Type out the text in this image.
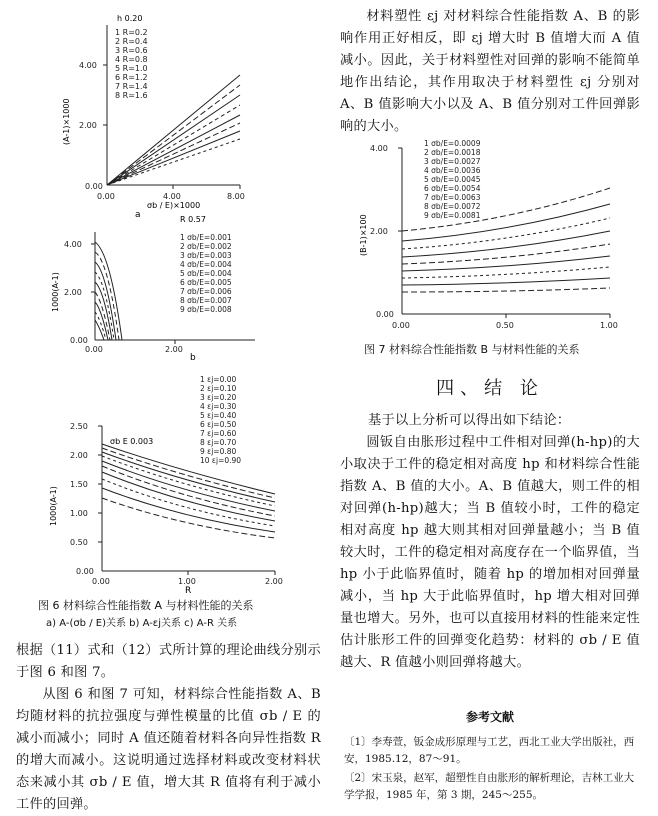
h 0.20
1 R=0.2
2 R=0.4
3 R=0.6
4 R=0.8
5 R=1.0
6 R=1.2
7 R=1.4
8 R=1.6
4.00
2.00
0.00
0.00	4.00	8.00
(A-1)×1000
σb / E)×1000
a	R 0.57
1 σb/E=0.001
2 σb/E=0.002
3 σb/E=0.003
4 σb/E=0.004
5 σb/E=0.004
6 σb/E=0.005
7 σb/E=0.006
8 σb/E=0.007
9 σb/E=0.008
4.00
2.00
0.00
0.00	2.00
1000(A-1)
b
1 εj=0.00
2 εj=0.10
3 εj=0.20
4 εj=0.30
5 εj=0.40
6 εj=0.50
7 εj=0.60
8 εj=0.70
9 εj=0.80
10 εj=0.90
σb E 0.003
2.50
2.00
1.50
1.00
0.50
0.00
0.00	1.00	2.00
1000(A-1)
R
图 6 材料综合性能指数 A 与材料性能的关系
a) A-(σb / E)关系 b) A-εj关系 c) A-R 关系

根据（11）式和（12）式所计算的理论曲线分别示于图 6 和图 7。

从图 6 和图 7 可知，材料综合性能指数 A、B 均随材料的抗拉强度与弹性模量的比值 σb / E 的减小而减小；同时 A 值还随着材料各向异性指数 R 的增大而减小。这说明通过选择材料或改变材料状态来减小其 σb / E 值，增大其 R 值将有利于减小工件的回弹。

材料塑性 εj 对材料综合性能指数 A、B 的影响作用正好相反，即 εj 增大时 B 值增大而 A 值减小。因此，关于材料塑性对回弹的影响不能简单地作出结论，其作用取决于材料塑性 εj 分别对 A、B 值影响大小以及 A、B 值分别对工件回弹影响的大小。

1 σb/E=0.0009
2 σb/E=0.0018
3 σb/E=0.0027
4 σb/E=0.0036
5 σb/E=0.0045
6 σb/E=0.0054
7 σb/E=0.0063
8 σb/E=0.0072
9 σb/E=0.0081
4.00
2.00
0.00
0.00	0.50	1.00
(B-1)×100
图 7 材料综合性能指数 B 与材料性能的关系
四、结 论

基于以上分析可以得出如下结论：

圆钣自由胀形过程中工件相对回弹(h-hp)的大小取决于工件的稳定相对高度 hp 和材料综合性能指数 A、B 值的大小。A、B 值越大，则工件的相对回弹(h-hp)越大；当 B 值较小时，工件的稳定相对高度 hp 越大则其相对回弹量越小；当 B 值较大时，工件的稳定相对高度存在一个临界值，当 hp 小于此临界值时，随着 hp 的增加相对回弹量减小，当 hp 大于此临界值时，hp 增大相对回弹量也增大。另外，也可以直接用材料的性能来定性估计胀形工件的回弹变化趋势：材料的 σb / E 值越大、R 值越小则回弹将越大。

参考文献

〔1〕李寿萱，钣金成形原理与工艺，西北工业大学出版社，西安，1985.12，87～91。

〔2〕宋玉泉，赵军，超塑性自由胀形的解析理论，吉林工业大学学报，1985 年，第 3 期，245～255。
